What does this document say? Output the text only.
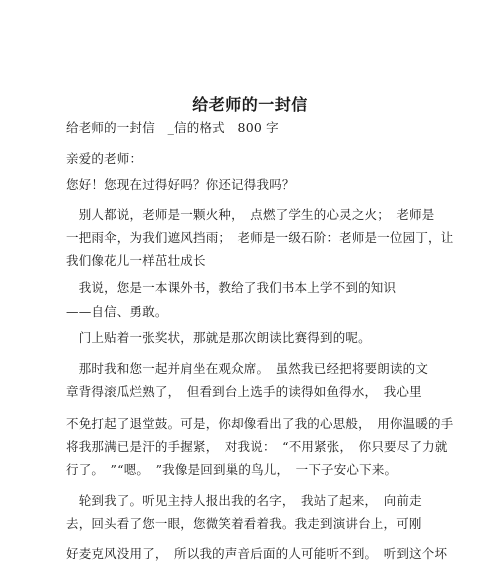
给老师的一封信
给老师的一封信　_信的格式　800 字
亲爱的老师：
您好！您现在过得好吗？你还记得我吗？
　别人都说，老师是一颗火种，　点燃了学生的心灵之火；　老师是
一把雨伞，为我们遮风挡雨；　老师是一级石阶：老师是一位园丁，让
我们像花儿一样茁壮成长
　我说，您是一本课外书，教给了我们书本上学不到的知识
——自信、勇敢。
　门上贴着一张奖状，那就是那次朗读比赛得到的呢。
　那时我和您一起并肩坐在观众席。　虽然我已经把将要朗读的文
章背得滚瓜烂熟了，　但看到台上选手的读得如鱼得水，　我心里
不免打起了退堂鼓。可是，你却像看出了我的心思般，　用你温暖的手
将我那满已是汗的手握紧，　对我说：　“不用紧张，　你只要尽了力就
行了。　”“嗯。　”我像是回到巢的鸟儿，　一下子安心下来。
　轮到我了。听见主持人报出我的名字，　我站了起来，　向前走
去，回头看了您一眼，您微笑着看着我。我走到演讲台上，可刚
好麦克风没用了，　所以我的声音后面的人可能听不到。　听到这个坏
